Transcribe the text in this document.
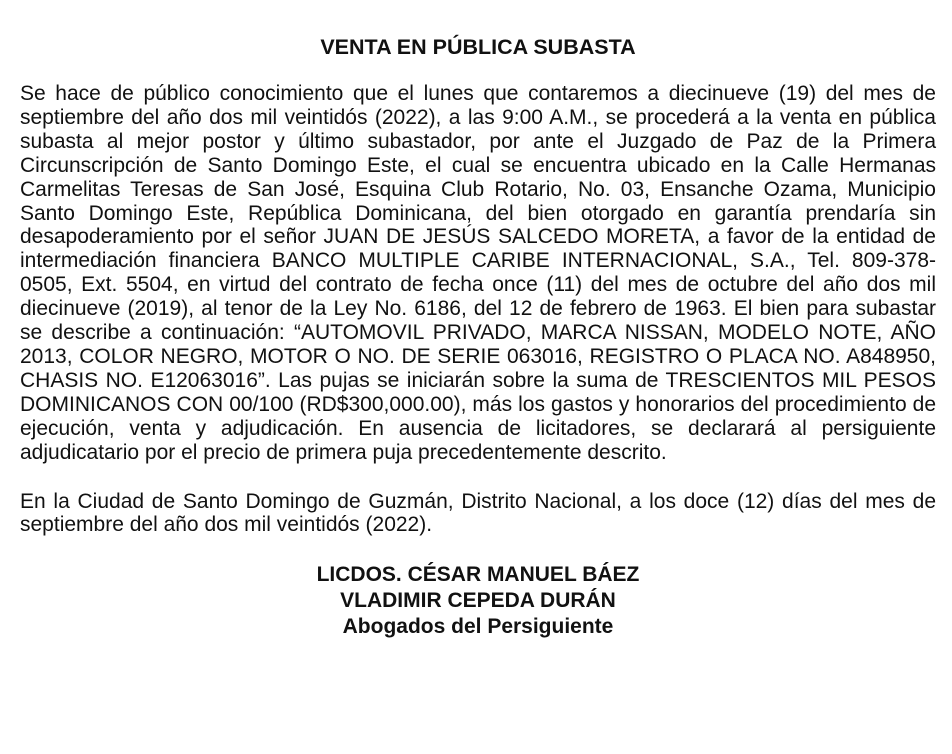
VENTA EN PÚBLICA SUBASTA

Se hace de público conocimiento que el lunes que contaremos a diecinueve (19) del mes de septiembre del año dos mil veintidós (2022), a las 9:00 A.M., se procederá a la venta en pública subasta al mejor postor y último subastador, por ante el Juzgado de Paz de la Primera Circunscripción de Santo Domingo Este, el cual se encuentra ubicado en la Calle Hermanas Carmelitas Teresas de San José, Esquina Club Rotario, No. 03, Ensanche Ozama, Municipio Santo Domingo Este, República Dominicana, del bien otorgado en garantía prendaría sin desapoderamiento por el señor JUAN DE JESÚS SALCEDO MORETA, a favor de la entidad de intermediación financiera BANCO MULTIPLE CARIBE INTERNACIONAL, S.A., Tel. 809-378-0505, Ext. 5504, en virtud del contrato de fecha once (11) del mes de octubre del año dos mil diecinueve (2019), al tenor de la Ley No. 6186, del 12 de febrero de 1963. El bien para subastar se describe a continuación: “AUTOMOVIL PRIVADO, MARCA NISSAN, MODELO NOTE, AÑO 2013, COLOR NEGRO, MOTOR O NO. DE SERIE 063016, REGISTRO O PLACA NO. A848950, CHASIS NO. E12063016”. Las pujas se iniciarán sobre la suma de TRESCIENTOS MIL PESOS DOMINICANOS CON 00/100 (RD$300,000.00), más los gastos y honorarios del procedimiento de ejecución, venta y adjudicación. En ausencia de licitadores, se declarará al persiguiente adjudicatario por el precio de primera puja precedentemente descrito.

En la Ciudad de Santo Domingo de Guzmán, Distrito Nacional, a los doce (12) días del mes de septiembre del año dos mil veintidós (2022).

LICDOS. CÉSAR MANUEL BÁEZ
VLADIMIR CEPEDA DURÁN
Abogados del Persiguiente
